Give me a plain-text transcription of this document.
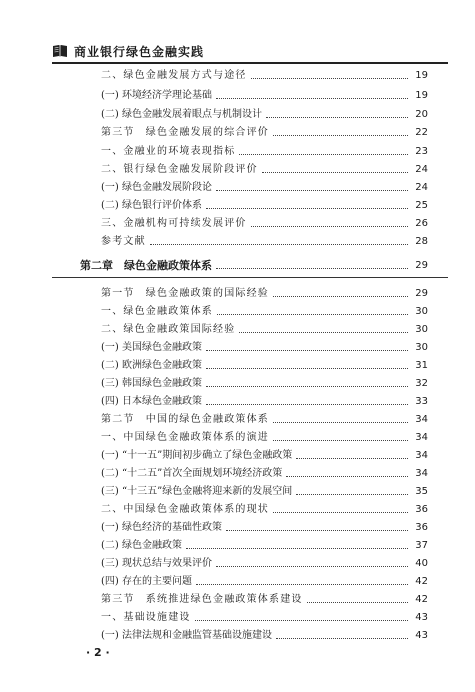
商业银行绿色金融实践
二、绿色金融发展方式与途径	19
(一) 环境经济学理论基础	19
(二) 绿色金融发展着眼点与机制设计	20
第三节　绿色金融发展的综合评价	22
一、金融业的环境表现指标	23
二、银行绿色金融发展阶段评价	24
(一) 绿色金融发展阶段论	24
(二) 绿色银行评价体系	25
三、金融机构可持续发展评价	26
参考文献	28
第二章　绿色金融政策体系	29
第一节　绿色金融政策的国际经验	29
一、绿色金融政策体系	30
二、绿色金融政策国际经验	30
(一) 美国绿色金融政策	30
(二) 欧洲绿色金融政策	31
(三) 韩国绿色金融政策	32
(四) 日本绿色金融政策	33
第二节　中国的绿色金融政策体系	34
一、中国绿色金融政策体系的演进	34
(一) “十一五”期间初步确立了绿色金融政策	34
(二) “十二五”首次全面规划环境经济政策	34
(三) “十三五”绿色金融将迎来新的发展空间	35
二、中国绿色金融政策体系的现状	36
(一) 绿色经济的基础性政策	36
(二) 绿色金融政策	37
(三) 现状总结与效果评价	40
(四) 存在的主要问题	42
第三节　系统推进绿色金融政策体系建设	42
一、基础设施建设	43
(一) 法律法规和金融监管基础设施建设	43
· 2 ·
